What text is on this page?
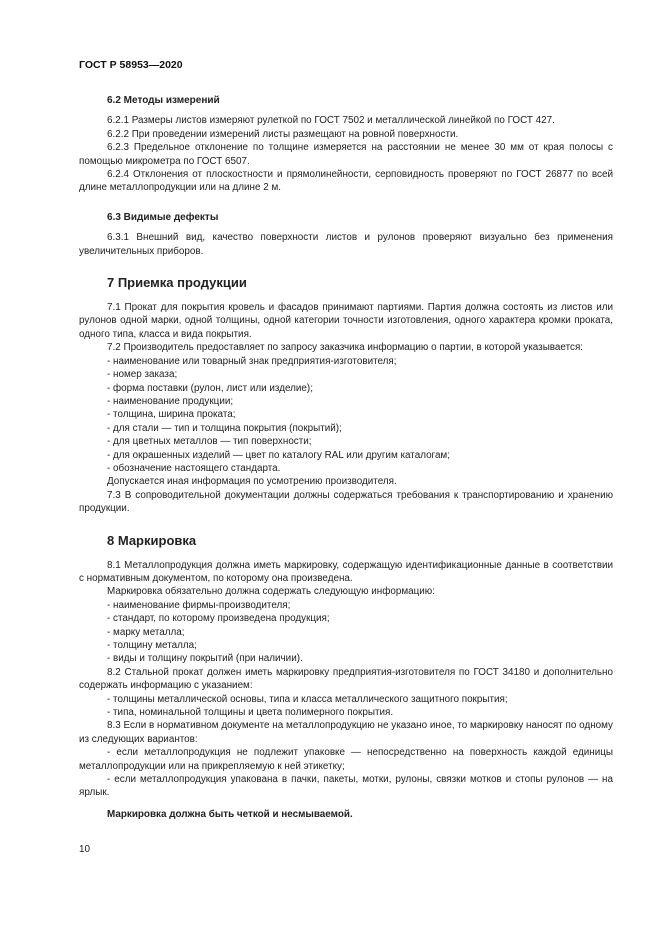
ГОСТ Р 58953—2020

6.2 Методы измерений

6.2.1 Размеры листов измеряют рулеткой по ГОСТ 7502 и металлической линейкой по ГОСТ 427.

6.2.2 При проведении измерений листы размещают на ровной поверхности.

6.2.3 Предельное отклонение по толщине измеряется на расстоянии не менее 30 мм от края полосы с помощью микрометра по ГОСТ 6507.

6.2.4 Отклонения от плоскостности и прямолинейности, серповидность проверяют по ГОСТ 26877 по всей длине металлопродукции или на длине 2 м.

6.3 Видимые дефекты

6.3.1 Внешний вид, качество поверхности листов и рулонов проверяют визуально без применения увеличительных приборов.

7 Приемка продукции

7.1 Прокат для покрытия кровель и фасадов принимают партиями. Партия должна состоять из листов или рулонов одной марки, одной толщины, одной категории точности изготовления, одного характера кромки проката, одного типа, класса и вида покрытия.

7.2 Производитель предоставляет по запросу заказчика информацию о партии, в которой указывается:

- наименование или товарный знак предприятия-изготовителя;

- номер заказа;

- форма поставки (рулон, лист или изделие);

- наименование продукции;

- толщина, ширина проката;

- для стали — тип и толщина покрытия (покрытий);

- для цветных металлов — тип поверхности;

- для окрашенных изделий — цвет по каталогу RAL или другим каталогам;

- обозначение настоящего стандарта.

Допускается иная информация по усмотрению производителя.

7.3 В сопроводительной документации должны содержаться требования к транспортированию и хранению продукции.

8 Маркировка

8.1 Металлопродукция должна иметь маркировку, содержащую идентификационные данные в соответствии с нормативным документом, по которому она произведена.

Маркировка обязательно должна содержать следующую информацию:

- наименование фирмы-производителя;

- стандарт, по которому произведена продукция;

- марку металла;

- толщину металла;

- виды и толщину покрытий (при наличии).

8.2 Стальной прокат должен иметь маркировку предприятия-изготовителя по ГОСТ 34180 и дополнительно содержать информацию с указанием:

- толщины металлической основы, типа и класса металлического защитного покрытия;

- типа, номинальной толщины и цвета полимерного покрытия.

8.3 Если в нормативном документе на металлопродукцию не указано иное, то маркировку наносят по одному из следующих вариантов:

- если металлопродукция не подлежит упаковке — непосредственно на поверхность каждой единицы металлопродукции или на прикрепляемую к ней этикетку;

- если металлопродукция упакована в пачки, пакеты, мотки, рулоны, связки мотков и стопы рулонов — на ярлык.

Маркировка должна быть четкой и несмываемой.

10
